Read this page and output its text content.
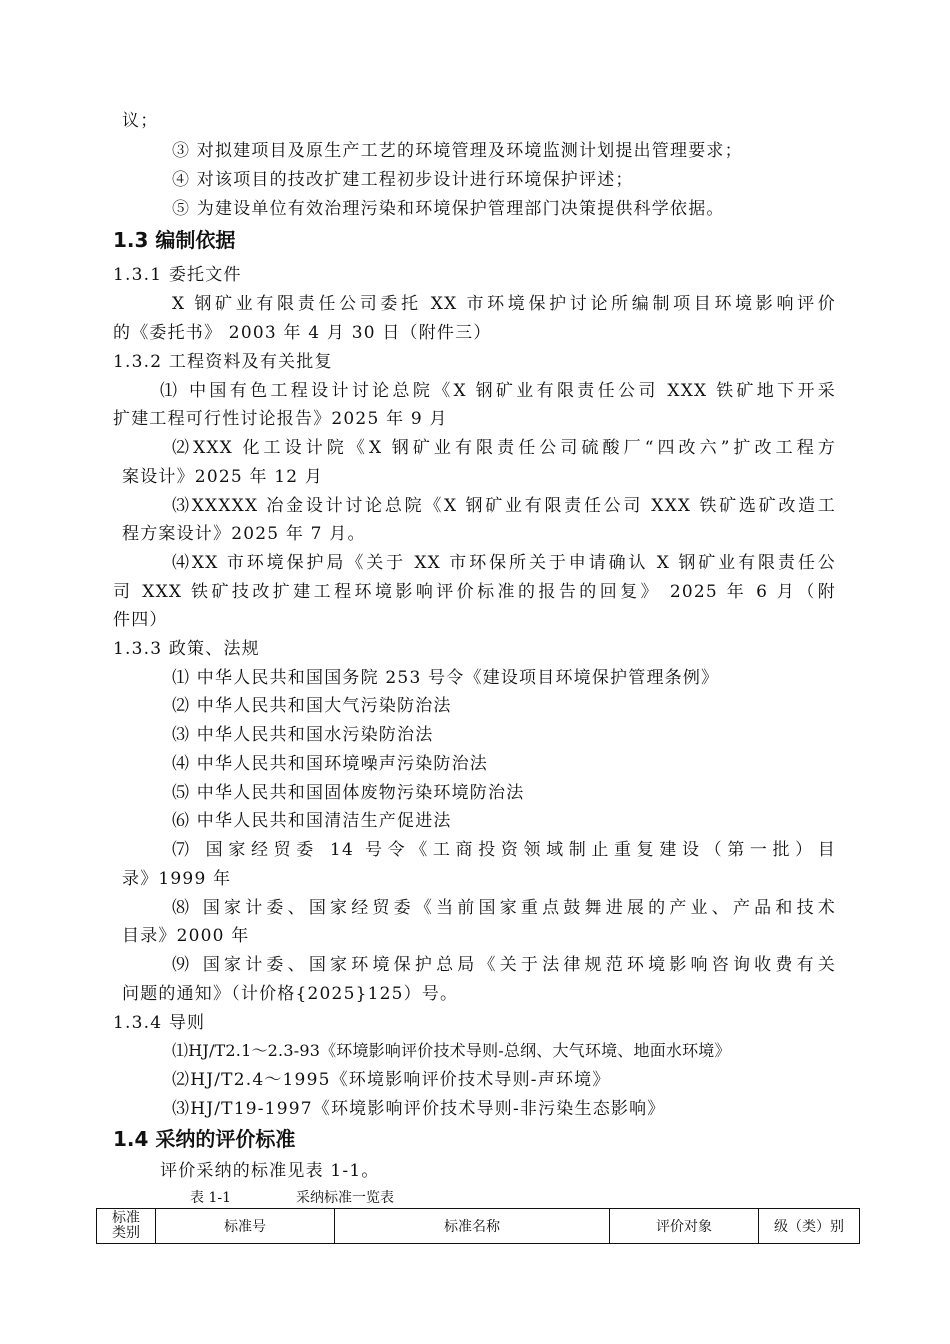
议；
③ 对拟建项目及原生产工艺的环境管理及环境监测计划提出管理要求；
④ 对该项目的技改扩建工程初步设计进行环境保护评述；
⑤ 为建设单位有效治理污染和环境保护管理部门决策提供科学依据。
1.3 编制依据
1.3.1 委托文件
X 钢矿业有限责任公司委托 XX 市环境保护讨论所编制项目环境影响评价
的《委托书》 2003 年 4 月 30 日（附件三）
1.3.2 工程资料及有关批复
⑴ 中国有色工程设计讨论总院《X 钢矿业有限责任公司 XXX 铁矿地下开采
扩建工程可行性讨论报告》2025 年 9 月
⑵XXX 化工设计院《X 钢矿业有限责任公司硫酸厂“四改六”扩改工程方
案设计》2025 年 12 月
⑶XXXXX 冶金设计讨论总院《X 钢矿业有限责任公司 XXX 铁矿选矿改造工
程方案设计》2025 年 7 月。
⑷XX 市环境保护局《关于 XX 市环保所关于申请确认 X 钢矿业有限责任公
司 XXX 铁矿技改扩建工程环境影响评价标准的报告的回复》 2025 年 6 月（附
件四）
1.3.3 政策、法规
⑴ 中华人民共和国国务院 253 号令《建设项目环境保护管理条例》
⑵ 中华人民共和国大气污染防治法
⑶ 中华人民共和国水污染防治法
⑷ 中华人民共和国环境噪声污染防治法
⑸ 中华人民共和国固体废物污染环境防治法
⑹ 中华人民共和国清洁生产促进法
⑺ 国家经贸委 14 号令《工商投资领域制止重复建设（第一批）目
录》1999 年
⑻ 国家计委、国家经贸委《当前国家重点鼓舞进展的产业、产品和技术
目录》2000 年
⑼ 国家计委、国家环境保护总局《关于法律规范环境影响咨询收费有关
问题的通知》（计价格{2025}125）号。
1.3.4 导则
⑴HJ/T2.1～2.3-93《环境影响评价技术导则-总纲、大气环境、地面水环境》
⑵HJ/T2.4～1995《环境影响评价技术导则-声环境》
⑶HJ/T19-1997《环境影响评价技术导则-非污染生态影响》
1.4 采纳的评价标准
评价采纳的标准见表 1-1。
表 1-1	采纳标准一览表
标准
类别	标准号	标准名称	评价对象	级（类）别
